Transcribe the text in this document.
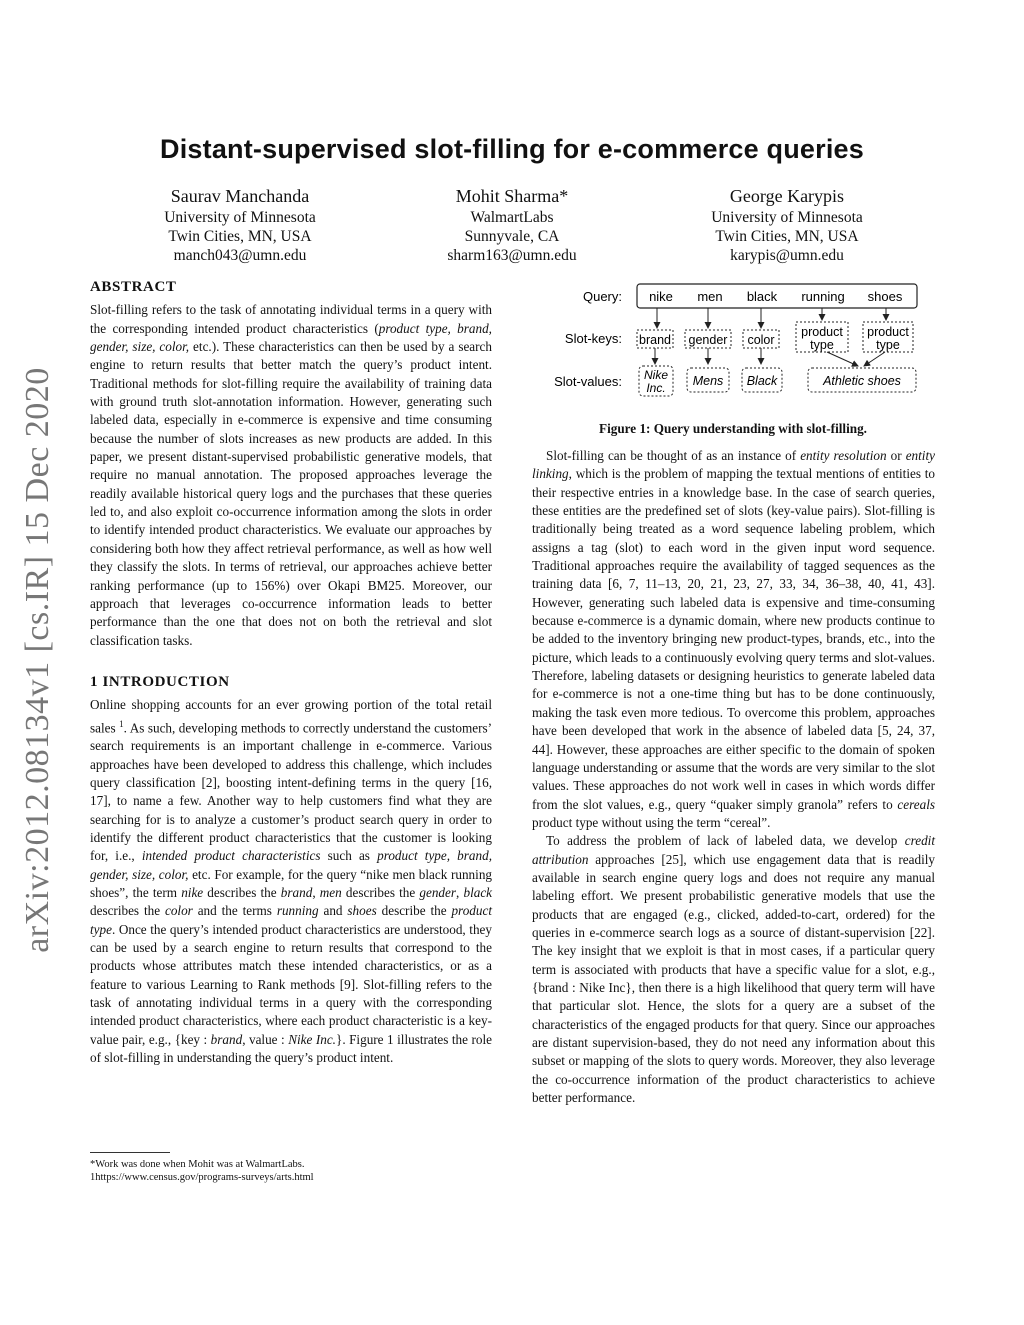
arXiv:2012.08134v1 [cs.IR] 15 Dec 2020
Distant-supervised slot-filling for e-commerce queries
Saurav Manchanda
University of Minnesota
Twin Cities, MN, USA
manch043@umn.edu
Mohit Sharma*
WalmartLabs
Sunnyvale, CA
sharm163@umn.edu
George Karypis
University of Minnesota
Twin Cities, MN, USA
karypis@umn.edu
ABSTRACT

Slot-filling refers to the task of annotating individual terms in a query with the corresponding intended product characteristics (product type, brand, gender, size, color, etc.). These characteristics can then be used by a search engine to return results that better match the query’s product intent. Traditional methods for slot-filling require the availability of training data with ground truth slot-annotation information. However, generating such labeled data, especially in e-commerce is expensive and time consuming because the number of slots increases as new products are added. In this paper, we present distant-supervised probabilistic generative models, that require no manual annotation. The proposed approaches leverage the readily available historical query logs and the purchases that these queries led to, and also exploit co-occurrence information among the slots in order to identify intended product characteristics. We evaluate our approaches by considering both how they affect retrieval performance, as well as how well they classify the slots. In terms of retrieval, our approaches achieve better ranking performance (up to 156%) over Okapi BM25. Moreover, our approach that leverages co-occurrence information leads to better performance than the one that does not on both the retrieval and slot classification tasks.

1 INTRODUCTION

Online shopping accounts for an ever growing portion of the total retail sales $^1$. As such, developing methods to correctly understand the customers’ search requirements is an important challenge in e-commerce. Various approaches have been developed to address this challenge, which includes query classification [2], boosting intent-defining terms in the query [16, 17], to name a few. Another way to help customers find what they are searching for is to analyze a customer’s product search query in order to identify the different product characteristics that the customer is looking for, i.e., intended product characteristics such as product type, brand, gender, size, color, etc. For example, for the query “nike men black running shoes”, the term nike describes the brand, men describes the gender, black describes the color and the terms running and shoes describe the product type. Once the query’s intended product characteristics are understood, they can be used by a search engine to return results that correspond to the products whose attributes match these intended characteristics, or as a feature to various Learning to Rank methods [9]. Slot-filling refers to the task of annotating individual terms in a query with the corresponding intended product characteristics, where each product characteristic is a key-value pair, e.g., {key : brand, value : Nike Inc.}. Figure 1 illustrates the role of slot-filling in understanding the query’s product intent.

*Work was done when Mohit was at WalmartLabs.
1https://www.census.gov/programs-surveys/arts.html
Query:
Slot-keys:
Slot-values:
nike men black running shoes
brand gender color
product type
product type
Nike Inc. Mens Black	Athletic shoes
Figure 1: Query understanding with slot-filling.

Slot-filling can be thought of as an instance of entity resolution or entity linking, which is the problem of mapping the textual mentions of entities to their respective entries in a knowledge base. In the case of search queries, these entities are the predefined set of slots (key-value pairs). Slot-filling is traditionally being treated as a word sequence labeling problem, which assigns a tag (slot) to each word in the given input word sequence. Traditional approaches require the availability of tagged sequences as the training data [6, 7, 11–13, 20, 21, 23, 27, 33, 34, 36–38, 40, 41, 43]. However, generating such labeled data is expensive and time-consuming because e-commerce is a dynamic domain, where new products continue to be added to the inventory bringing new product-types, brands, etc., into the picture, which leads to a continuously evolving query terms and slot-values. Therefore, labeling datasets or designing heuristics to generate labeled data for e-commerce is not a one-time thing but has to be done continuously, making the task even more tedious. To overcome this problem, approaches have been developed that work in the absence of labeled data [5, 24, 37, 44]. However, these approaches are either specific to the domain of spoken language understanding or assume that the words are very similar to the slot values. These approaches do not work well in cases in which words differ from the slot values, e.g., query “quaker simply granola” refers to cereals product type without using the term “cereal”.

To address the problem of lack of labeled data, we develop credit attribution approaches [25], which use engagement data that is readily available in search engine query logs and does not require any manual labeling effort. We present probabilistic generative models that use the products that are engaged (e.g., clicked, added-to-cart, ordered) for the queries in e-commerce search logs as a source of distant-supervision [22]. The key insight that we exploit is that in most cases, if a particular query term is associated with products that have a specific value for a slot, e.g., {brand : Nike Inc}, then there is a high likelihood that query term will have that particular slot. Hence, the slots for a query are a subset of the characteristics of the engaged products for that query. Since our approaches are distant supervision-based, they do not need any information about this subset or mapping of the slots to query words. Moreover, they also leverage the co-occurrence information of the product characteristics to achieve better performance.
